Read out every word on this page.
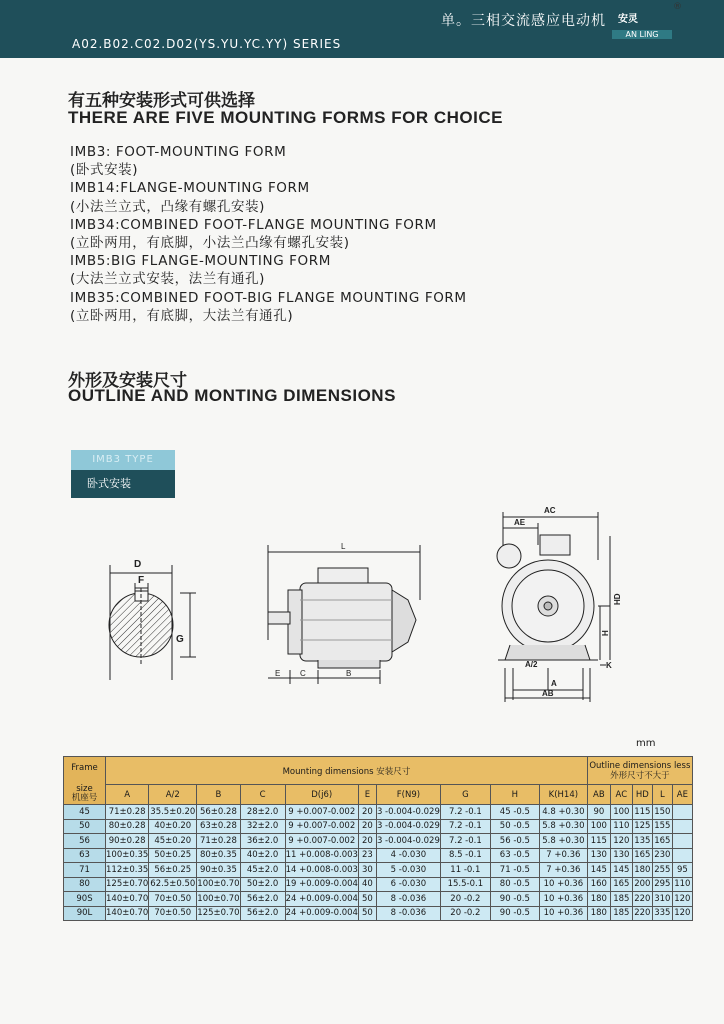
单。三相交流感应电动机
A02.B02.C02.D02(YS.YU.YC.YY) SERIES
安灵
AN LING
®
有五种安装形式可供选择
THERE ARE FIVE MOUNTING FORMS FOR CHOICE
IMB3: FOOT-MOUNTING FORM
(卧式安装)
IMB14:FLANGE-MOUNTING FORM
(小法兰立式，凸缘有螺孔安装)
IMB34:COMBINED FOOT-FLANGE MOUNTING FORM
(立卧两用，有底脚，小法兰凸缘有螺孔安装)
IMB5:BIG FLANGE-MOUNTING FORM
(大法兰立式安装，法兰有通孔)
IMB35:COMBINED FOOT-BIG FLANGE MOUNTING FORM
(立卧两用，有底脚，大法兰有通孔)
外形及安装尺寸
OUTLINE AND MONTING DIMENSIONS
IMB3 TYPE
卧式安装
D
F
G
L
E C	B
AC
AE
HD
H
K
A/2
A
AB
mm
Frame	Mounting dimensions 安装尺寸										Outline dimensions less
外形尺寸不大于				

size
机座号	A	A/2	B	C	D(j6)	E	F(N9)	G	H	K(H14)	AB	AC	HD	L	AE
45	71±0.28	35.5±0.20	56±0.28	28±2.0	9 +0.007-0.002	20	3 -0.004-0.029	7.2 -0.1	45 -0.5	4.8 +0.30	90	100	115	150	
50	80±0.28	40±0.20	63±0.28	32±2.0	9 +0.007-0.002	20	3 -0.004-0.029	7.2 -0.1	50 -0.5	5.8 +0.30	100	110	125	155	
56	90±0.28	45±0.20	71±0.28	36±2.0	9 +0.007-0.002	20	3 -0.004-0.029	7.2 -0.1	56 -0.5	5.8 +0.30	115	120	135	165	
63	100±0.35	50±0.25	80±0.35	40±2.0	11 +0.008-0.003	23	4 -0.030	8.5 -0.1	63 -0.5	7 +0.36	130	130	165	230	
71	112±0.35	56±0.25	90±0.35	45±2.0	14 +0.008-0.003	30	5 -0.030	11 -0.1	71 -0.5	7 +0.36	145	145	180	255	95
80	125±0.70	62.5±0.50	100±0.70	50±2.0	19 +0.009-0.004	40	6 -0.030	15.5-0.1	80 -0.5	10 +0.36	160	165	200	295	110
90S	140±0.70	70±0.50	100±0.70	56±2.0	24 +0.009-0.004	50	8 -0.036	20 -0.2	90 -0.5	10 +0.36	180	185	220	310	120
90L	140±0.70	70±0.50	125±0.70	56±2.0	24 +0.009-0.004	50	8 -0.036	20 -0.2	90 -0.5	10 +0.36	180	185	220	335	120
